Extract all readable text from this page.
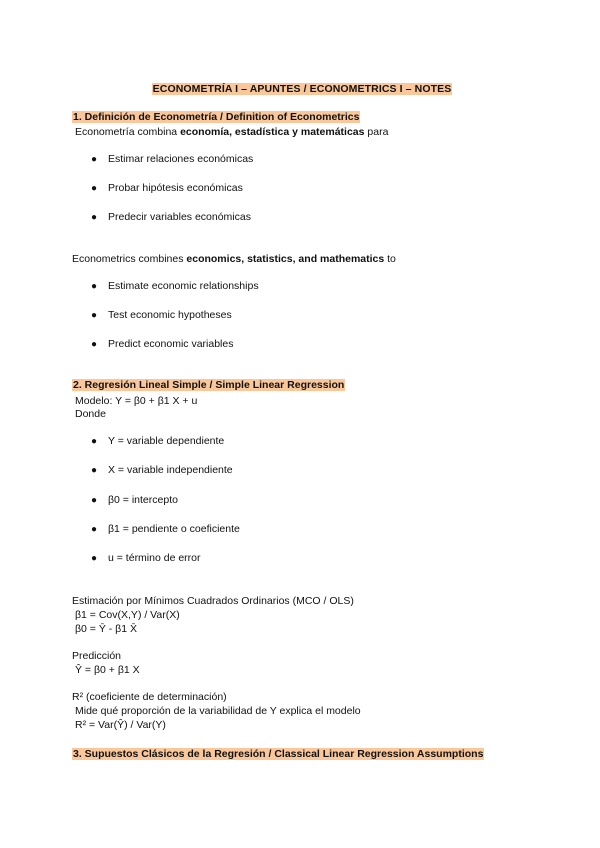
ECONOMETRÍA I – APUNTES / ECONOMETRICS I – NOTES
1. Definición de Econometría / Definition of Econometrics
Econometría combina economía, estadística y matemáticas para
● Estimar relaciones económicas
● Probar hipótesis económicas
● Predecir variables económicas
Econometrics combines economics, statistics, and mathematics to
● Estimate economic relationships
● Test economic hypotheses
● Predict economic variables
2. Regresión Lineal Simple / Simple Linear Regression
Modelo: Y = β0 + β1 X + u
Donde
● Y = variable dependiente
● X = variable independiente
● β0 = intercepto
● β1 = pendiente o coeficiente
● u = término de error
Estimación por Mínimos Cuadrados Ordinarios (MCO / OLS)
β1 = Cov(X,Y) / Var(X)
β0 = Ȳ - β1 X̄
Predicción
Ŷ = β0 + β1 X
R² (coeficiente de determinación)
Mide qué proporción de la variabilidad de Y explica el modelo
R² = Var(Ŷ) / Var(Y)
3. Supuestos Clásicos de la Regresión / Classical Linear Regression Assumptions
